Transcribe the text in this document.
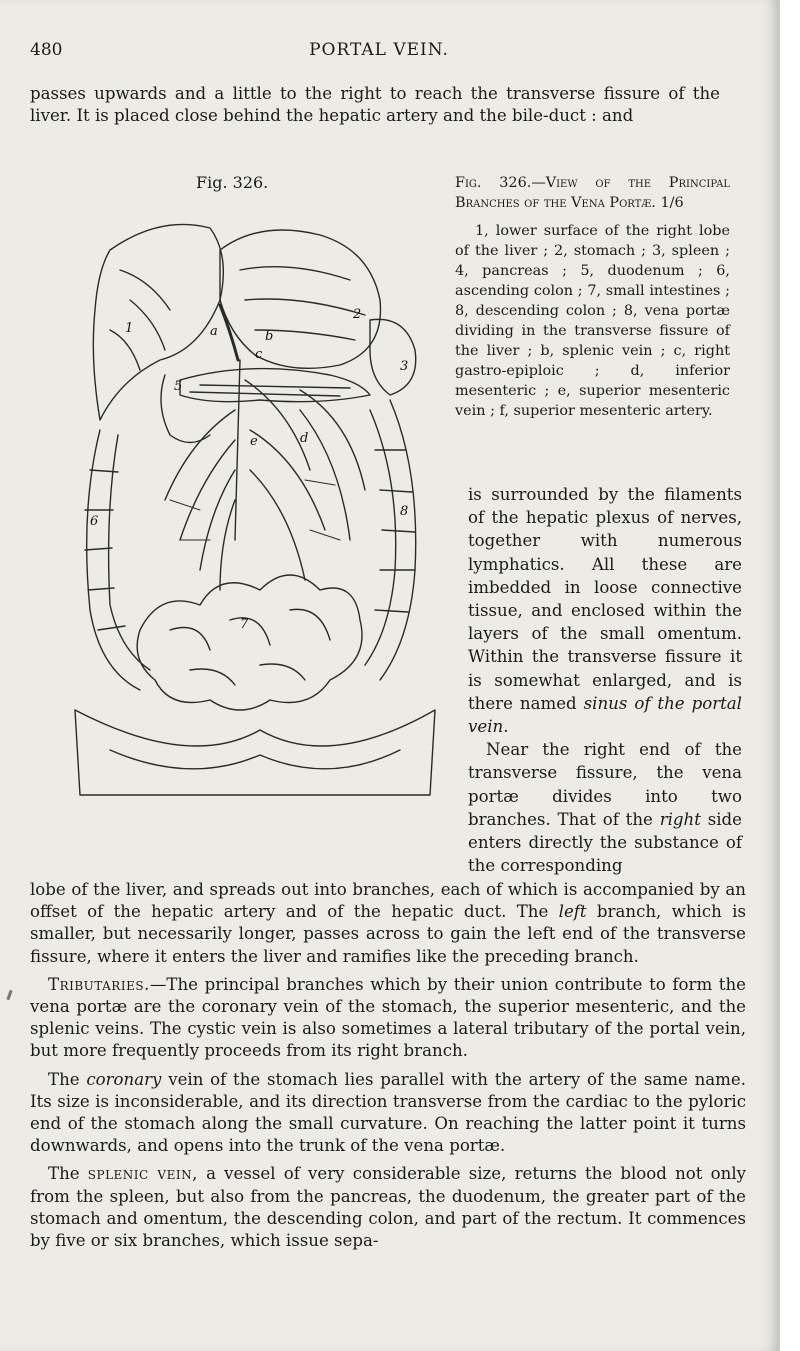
480	PORTAL VEIN.
passes upwards and a little to the right to reach the transverse fissure of the liver. It is placed close behind the hepatic artery and the bile-duct : and
Fig. 326.
1
2
3
5
6
7
8
a	b
c
d
e
Fig. 326.—View of the Principal Branches of the Vena Portæ. 1/6
1, lower surface of the right lobe of the liver ; 2, stomach ; 3, spleen ; 4, pancreas ; 5, duodenum ; 6, ascending colon ; 7, small intestines ; 8, descending colon ; 8, vena portæ dividing in the transverse fissure of the liver ; b, splenic vein ; c, right gastro-epiploic ; d, inferior mesenteric ; e, superior mesenteric vein ; f, superior mesenteric artery.

is surrounded by the filaments of the hepatic plexus of nerves, together with numerous lymphatics. All these are imbedded in loose connective tissue, and enclosed within the layers of the small omentum. Within the transverse fissure it is somewhat enlarged, and is there named sinus of the portal vein.

Near the right end of the transverse fissure, the vena portæ divides into two branches. That of the right side enters directly the substance of the corresponding

lobe of the liver, and spreads out into branches, each of which is accompanied by an offset of the hepatic artery and of the hepatic duct. The left branch, which is smaller, but necessarily longer, passes across to gain the left end of the transverse fissure, where it enters the liver and ramifies like the preceding branch.

Tributaries.—The principal branches which by their union contribute to form the vena portæ are the coronary vein of the stomach, the superior mesenteric, and the splenic veins. The cystic vein is also sometimes a lateral tributary of the portal vein, but more frequently proceeds from its right branch.

The coronary vein of the stomach lies parallel with the artery of the same name. Its size is inconsiderable, and its direction transverse from the cardiac to the pyloric end of the stomach along the small curvature. On reaching the latter point it turns downwards, and opens into the trunk of the vena portæ.

The splenic vein, a vessel of very considerable size, returns the blood not only from the spleen, but also from the pancreas, the duodenum, the greater part of the stomach and omentum, the descending colon, and part of the rectum. It commences by five or six branches, which issue sepa-
